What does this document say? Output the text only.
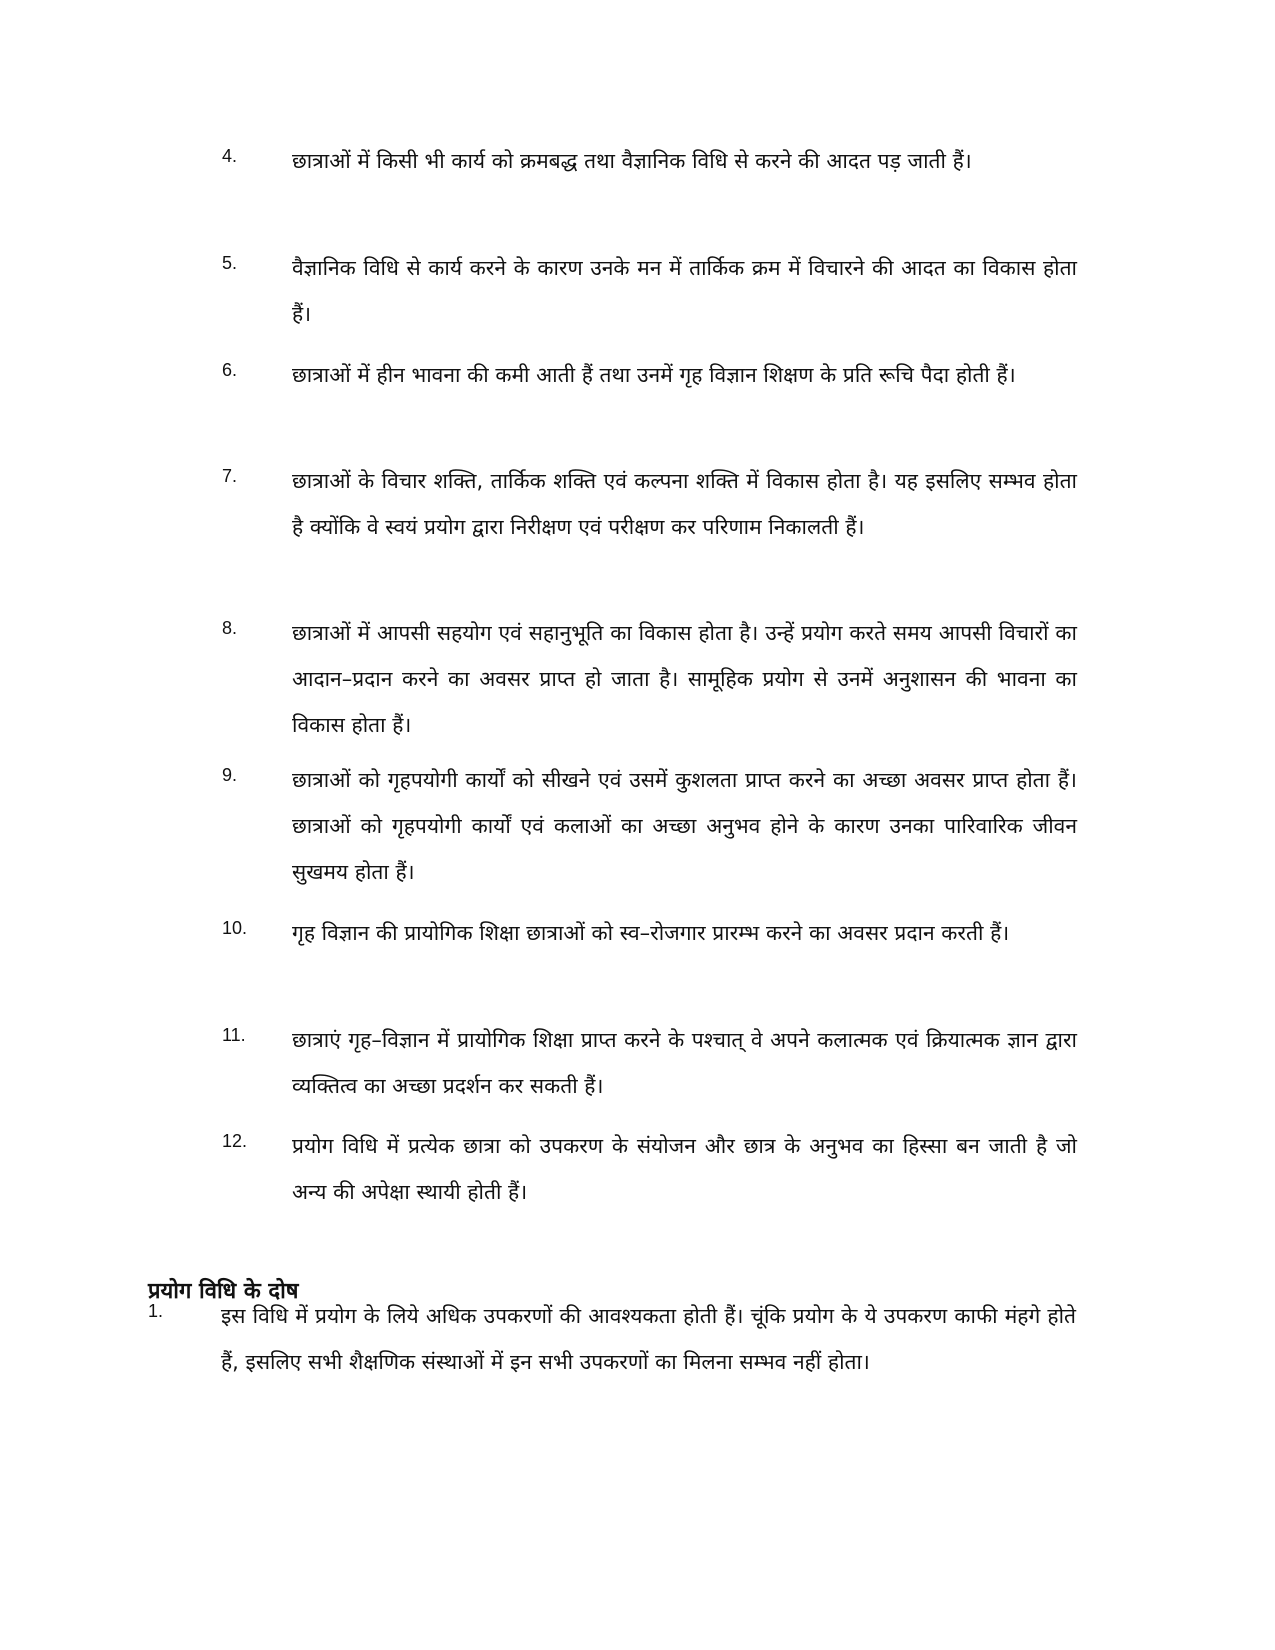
4.	छात्राओं में किसी भी कार्य को क्रमबद्ध तथा वैज्ञानिक विधि से करने की आदत पड़ जाती हैं।
5.	वैज्ञानिक विधि से कार्य करने के कारण उनके मन में तार्किक क्रम में विचारने की आदत का विकास होता हैं।
6.	छात्राओं में हीन भावना की कमी आती हैं तथा उनमें गृह विज्ञान शिक्षण के प्रति रूचि पैदा होती हैं।
7.	छात्राओं के विचार शक्ति, तार्किक शक्ति एवं कल्पना शक्ति में विकास होता है। यह इसलिए सम्भव होता है क्योंकि वे स्वयं प्रयोग द्वारा निरीक्षण एवं परीक्षण कर परिणाम निकालती हैं।
8.	छात्राओं में आपसी सहयोग एवं सहानुभूति का विकास होता है। उन्हें प्रयोग करते समय आपसी विचारों का आदान–प्रदान करने का अवसर प्राप्त हो जाता है। सामूहिक प्रयोग से उनमें अनुशासन की भावना का विकास होता हैं।
9.	छात्राओं को गृहपयोगी कार्यों को सीखने एवं उसमें कुशलता प्राप्त करने का अच्छा अवसर प्राप्त होता हैं। छात्राओं को गृहपयोगी कार्यों एवं कलाओं का अच्छा अनुभव होने के कारण उनका पारिवारिक जीवन सुखमय होता हैं।
10.	गृह विज्ञान की प्रायोगिक शिक्षा छात्राओं को स्व–रोजगार प्रारम्भ करने का अवसर प्रदान करती हैं।
11.	छात्राएं गृह–विज्ञान में प्रायोगिक शिक्षा प्राप्त करने के पश्चात् वे अपने कलात्मक एवं क्रियात्मक ज्ञान द्वारा व्यक्तित्व का अच्छा प्रदर्शन कर सकती हैं।
12.	प्रयोग विधि में प्रत्येक छात्रा को उपकरण के संयोजन और छात्र के अनुभव का हिस्सा बन जाती है जो अन्य की अपेक्षा स्थायी होती हैं।
प्रयोग विधि के दोष
1.	इस विधि में प्रयोग के लिये अधिक उपकरणों की आवश्यकता होती हैं। चूंकि प्रयोग के ये उपकरण काफी मंहगे होते हैं, इसलिए सभी शैक्षणिक संस्थाओं में इन सभी उपकरणों का मिलना सम्भव नहीं होता।
